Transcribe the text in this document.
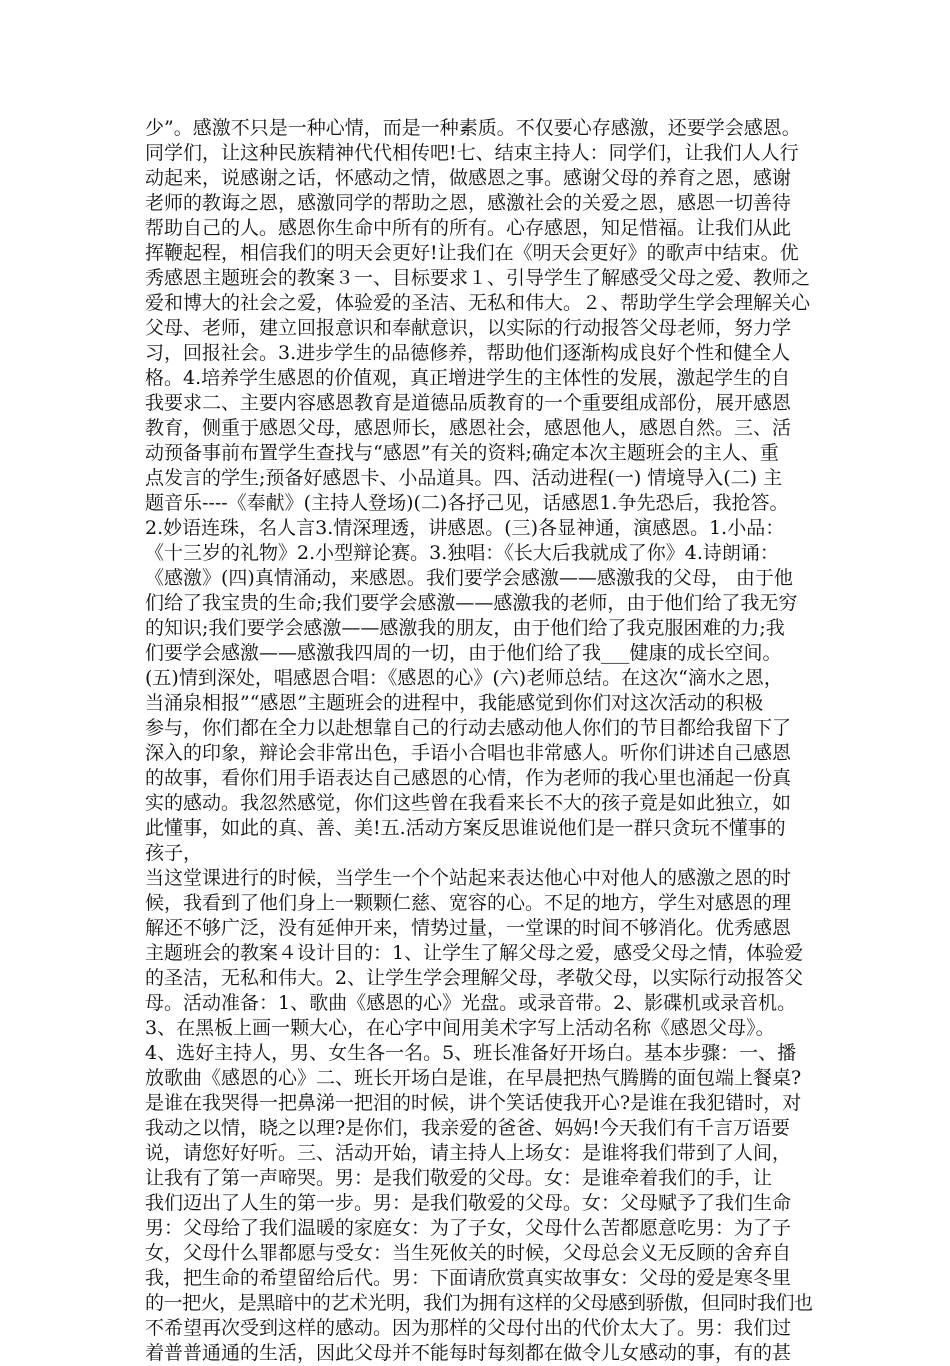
少”。感激不只是一种心情，而是一种素质。不仅要心存感激，还要学会感恩。
同学们，让这种民族精神代代相传吧!七、结束主持人：同学们，让我们人人行
动起来，说感谢之话，怀感动之情，做感恩之事。感谢父母的养育之恩，感谢
老师的教诲之恩，感激同学的帮助之恩，感激社会的关爱之恩，感恩一切善待
帮助自己的人。感恩你生命中所有的所有。心存感恩，知足惜福。让我们从此
挥鞭起程，相信我们的明天会更好!让我们在《明天会更好》的歌声中结束。优
秀感恩主题班会的教案３一、目标要求１、引导学生了解感受父母之爱、教师之
爱和博大的社会之爱，体验爱的圣洁、无私和伟大。２、帮助学生学会理解关心
父母、老师，建立回报意识和奉献意识，以实际的行动报答父母老师，努力学
习，回报社会。3.进步学生的品德修养，帮助他们逐渐构成良好个性和健全人
格。4.培养学生感恩的价值观，真正增进学生的主体性的发展，激起学生的自
我要求二、主要内容感恩教育是道德品质教育的一个重要组成部份，展开感恩
教育，侧重于感恩父母，感恩师长，感恩社会，感恩他人，感恩自然。三、活
动预备事前布置学生查找与“感恩”有关的资料;确定本次主题班会的主人、重
点发言的学生;预备好感恩卡、小品道具。四、活动进程(一) 情境导入(二) 主
题音乐----《奉献》(主持人登场)(二)各抒己见，话感恩1.争先恐后，我抢答。
2.妙语连珠，名人言3.情深理透，讲感恩。(三)各显神通，演感恩。1.小品：
《十三岁的礼物》2.小型辩论赛。3.独唱：《长大后我就成了你》4.诗朗诵：
《感激》(四)真情涌动，来感恩。我们要学会感激——感激我的父母， 由于他
们给了我宝贵的生命;我们要学会感激——感激我的老师，由于他们给了我无穷
的知识;我们要学会感激——感激我的朋友，由于他们给了我克服困难的力;我
们要学会感激——感激我四周的一切，由于他们给了我___健康的成长空间。
(五)情到深处，唱感恩合唱：《感恩的心》(六)老师总结。在这次“滴水之恩，
当涌泉相报”“感恩”主题班会的进程中，我能感觉到你们对这次活动的积极
参与，你们都在全力以赴想靠自己的行动去感动他人你们的节目都给我留下了
深入的印象，辩论会非常出色，手语小合唱也非常感人。听你们讲述自己感恩
的故事，看你们用手语表达自己感恩的心情，作为老师的我心里也涌起一份真
实的感动。我忽然感觉，你们这些曾在我看来长不大的孩子竟是如此独立，如
此懂事，如此的真、善、美!五.活动方案反思谁说他们是一群只贪玩不懂事的
孩子，
当这堂课进行的时候，当学生一个个站起来表达他心中对他人的感激之恩的时
候，我看到了他们身上一颗颗仁慈、宽容的心。不足的地方，学生对感恩的理
解还不够广泛，没有延伸开来，情势过量，一堂课的时间不够消化。优秀感恩
主题班会的教案４设计目的：1、让学生了解父母之爱，感受父母之情，体验爱
的圣洁，无私和伟大。2、让学生学会理解父母，孝敬父母，以实际行动报答父
母。活动准备：1、歌曲《感恩的心》光盘。或录音带。2、影碟机或录音机。
3、在黑板上画一颗大心，在心字中间用美术字写上活动名称《感恩父母》。
4、选好主持人，男、女生各一名。5、班长准备好开场白。基本步骤：一、播
放歌曲《感恩的心》二、班长开场白是谁，在早晨把热气腾腾的面包端上餐桌?
是谁在我哭得一把鼻涕一把泪的时候，讲个笑话使我开心?是谁在我犯错时，对
我动之以情，晓之以理?是你们，我亲爱的爸爸、妈妈!今天我们有千言万语要
说，请您好好听。三、活动开始，请主持人上场女：是谁将我们带到了人间，
让我有了第一声啼哭。男：是我们敬爱的父母。女：是谁牵着我们的手，让
我们迈出了人生的第一步。男：是我们敬爱的父母。女：父母赋予了我们生命
男：父母给了我们温暖的家庭女：为了子女，父母什么苦都愿意吃男：为了子
女，父母什么罪都愿与受女：当生死攸关的时候，父母总会义无反顾的舍弃自
我，把生命的希望留给后代。男：下面请欣赏真实故事女：父母的爱是寒冬里
的一把火，是黑暗中的艺术光明，我们为拥有这样的父母感到骄傲，但同时我们也
不希望再次受到这样的感动。因为那样的父母付出的代价太大了。男：我们过
着普普通通的生活，因此父母并不能每时每刻都在做令儿女感动的事，有的甚
